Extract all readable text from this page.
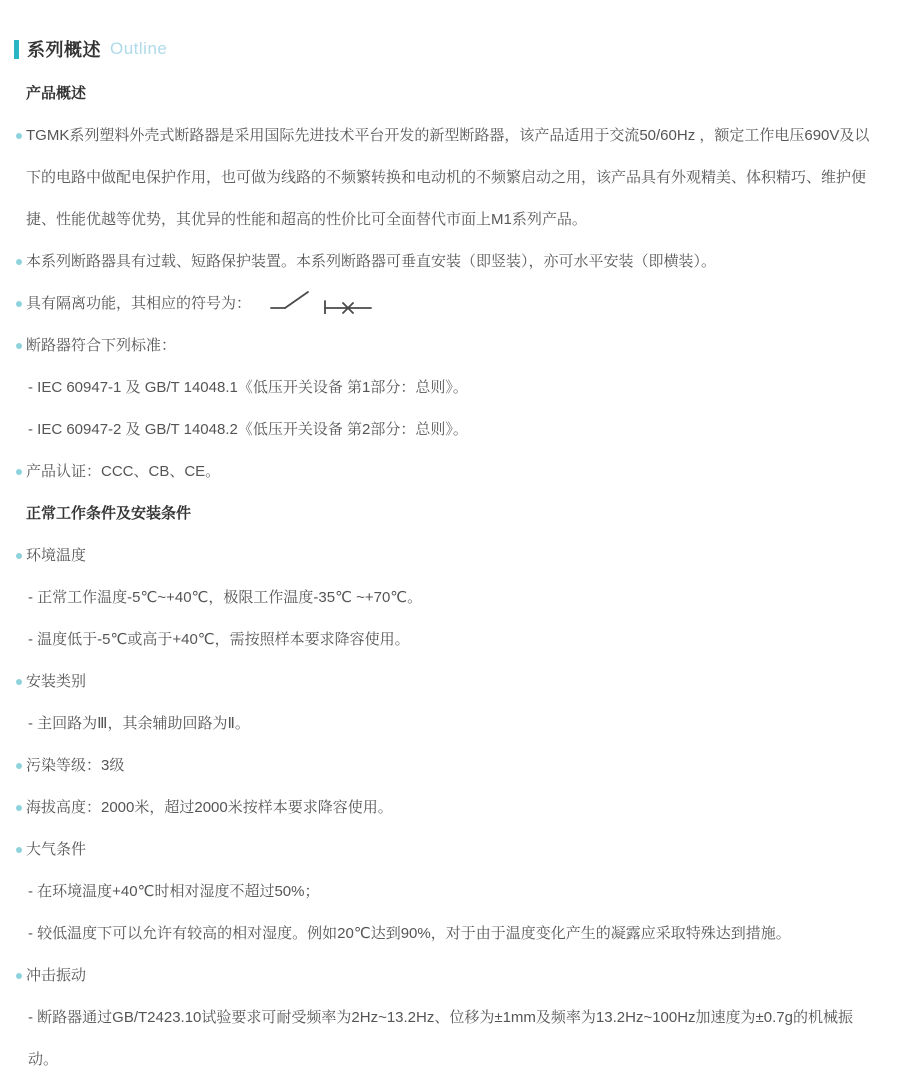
系列概述 Outline
产品概述
TGMK系列塑料外壳式断路器是采用国际先进技术平台开发的新型断路器，该产品适用于交流50/60Hz ，额定工作电压690V及以下的电路中做配电保护作用，也可做为线路的不频繁转换和电动机的不频繁启动之用，该产品具有外观精美、体积精巧、维护便捷、性能优越等优势，其优异的性能和超高的性价比可全面替代市面上M1系列产品。
本系列断路器具有过载、短路保护装置。本系列断路器可垂直安装（即竖装），亦可水平安装（即横装）。
具有隔离功能，其相应的符号为：
断路器符合下列标准：
- IEC 60947-1 及 GB/T 14048.1《低压开关设备 第1部分：总则》。
- IEC 60947-2 及 GB/T 14048.2《低压开关设备 第2部分：总则》。
产品认证：CCC、CB、CE。
正常工作条件及安装条件
环境温度
- 正常工作温度-5℃~+40℃，极限工作温度-35℃ ~+70℃。
- 温度低于-5℃或高于+40℃，需按照样本要求降容使用。
安装类别
- 主回路为Ⅲ，其余辅助回路为Ⅱ。
污染等级：3级
海拔高度：2000米，超过2000米按样本要求降容使用。
大气条件
- 在环境温度+40℃时相对湿度不超过50%；
- 较低温度下可以允许有较高的相对湿度。例如20℃达到90%，对于由于温度变化产生的凝露应采取特殊达到措施。
冲击振动
- 断路器通过GB/T2423.10试验要求可耐受频率为2Hz~13.2Hz、位移为±1mm及频率为13.2Hz~100Hz加速度为±0.7g的机械振动。
